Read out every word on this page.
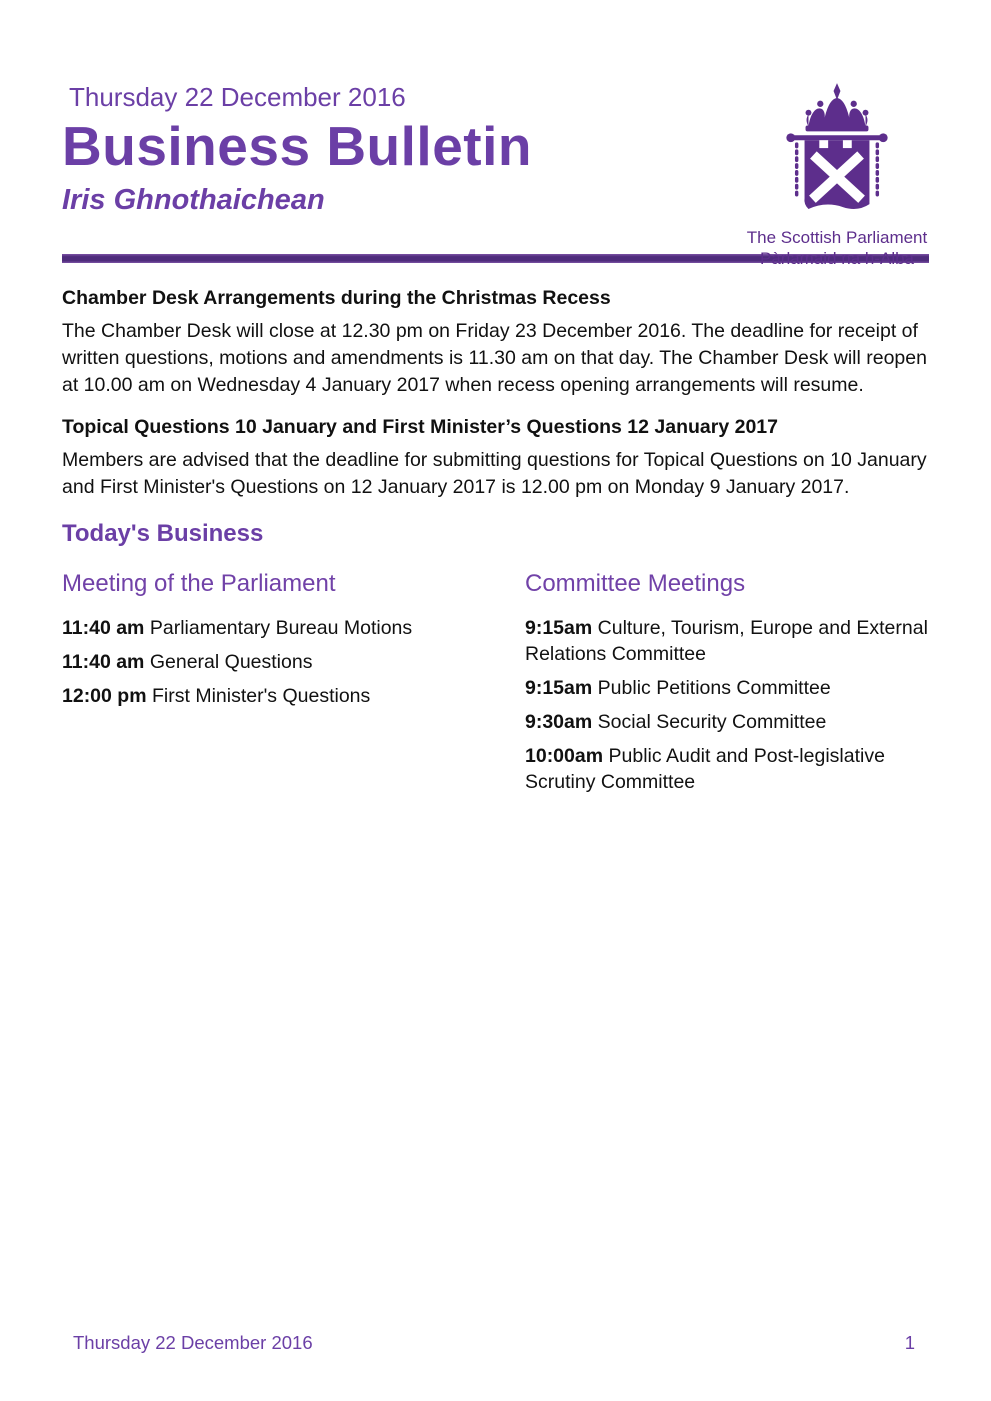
Thursday 22 December 2016
Business Bulletin
Iris Ghnothaichean
The Scottish Parliament
Pàrlamaid na h-Alba
Chamber Desk Arrangements during the Christmas Recess
The Chamber Desk will close at 12.30 pm on Friday 23 December 2016. The deadline for receipt of written questions, motions and amendments is 11.30 am on that day. The Chamber Desk will reopen at 10.00 am on Wednesday 4 January 2017 when recess opening arrangements will resume.
Topical Questions 10 January and First Minister’s Questions 12 January 2017
Members are advised that the deadline for submitting questions for Topical Questions on 10 January and First Minister's Questions on 12 January 2017 is 12.00 pm on Monday 9 January 2017.
Today's Business
Meeting of the Parliament
11:40 am Parliamentary Bureau Motions
11:40 am General Questions
12:00 pm First Minister's Questions
Committee Meetings
9:15am Culture, Tourism, Europe and External Relations Committee
9:15am Public Petitions Committee
9:30am Social Security Committee
10:00am Public Audit and Post-legislative Scrutiny Committee
Thursday 22 December 2016	1
